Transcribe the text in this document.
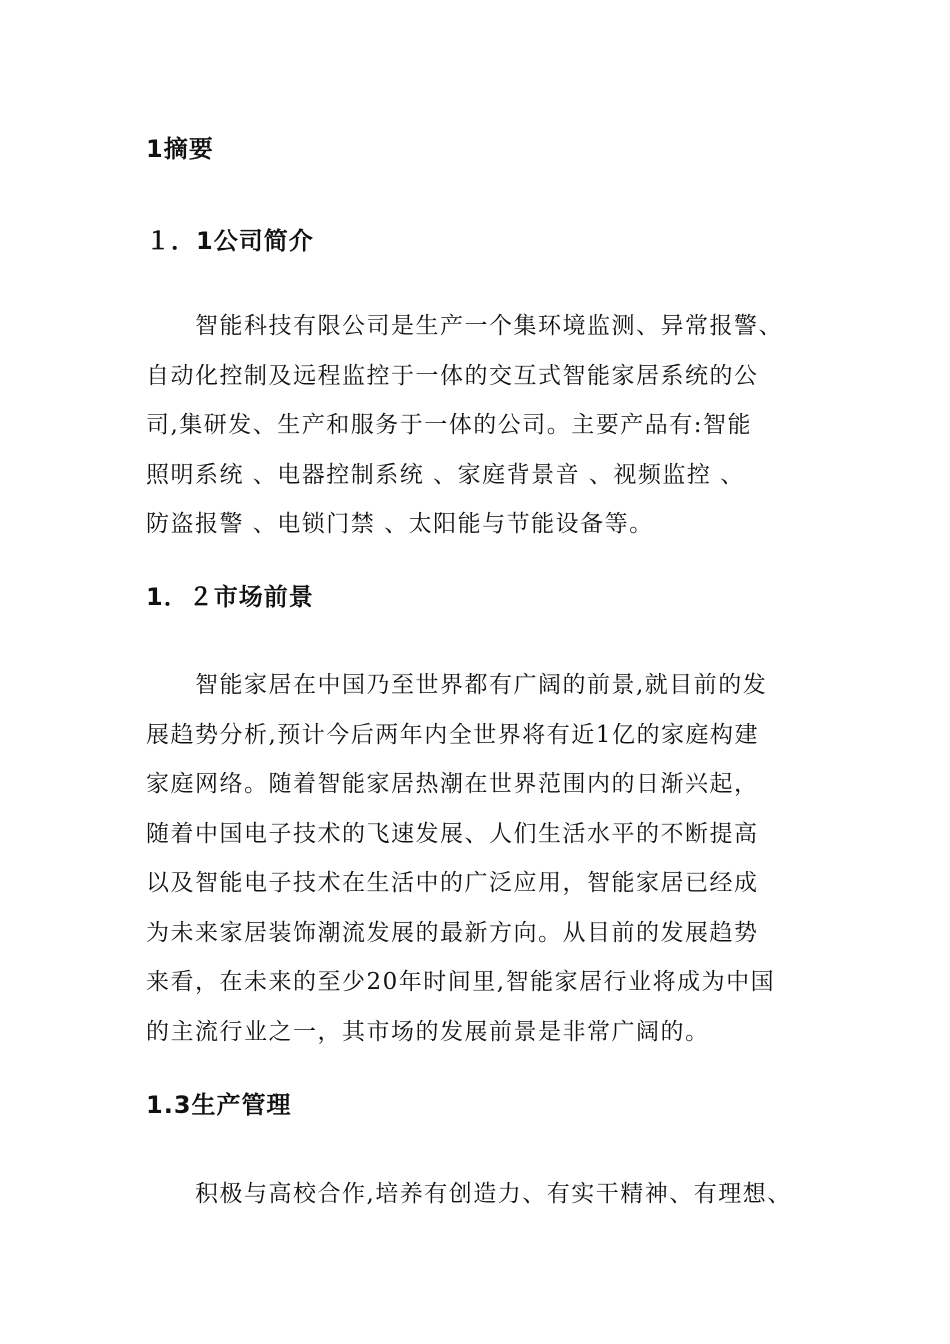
1摘要
１．1公司简介
　　智能科技有限公司是生产一个集环境监测、异常报警、
自动化控制及远程监控于一体的交互式智能家居系统的公
司,集研发、生产和服务于一体的公司。主要产品有:智能
照明系统 、电器控制系统 、家庭背景音 、视频监控 、
防盗报警 、电锁门禁 、太阳能与节能设备等。
1．２市场前景
　　智能家居在中国乃至世界都有广阔的前景,就目前的发
展趋势分析,预计今后两年内全世界将有近1亿的家庭构建
家庭网络。随着智能家居热潮在世界范围内的日渐兴起，
随着中国电子技术的飞速发展、人们生活水平的不断提高
以及智能电子技术在生活中的广泛应用，智能家居已经成
为未来家居装饰潮流发展的最新方向。从目前的发展趋势
来看，在未来的至少20年时间里,智能家居行业将成为中国
的主流行业之一，其市场的发展前景是非常广阔的。
1.3生产管理
　　积极与高校合作,培养有创造力、有实干精神、有理想、
